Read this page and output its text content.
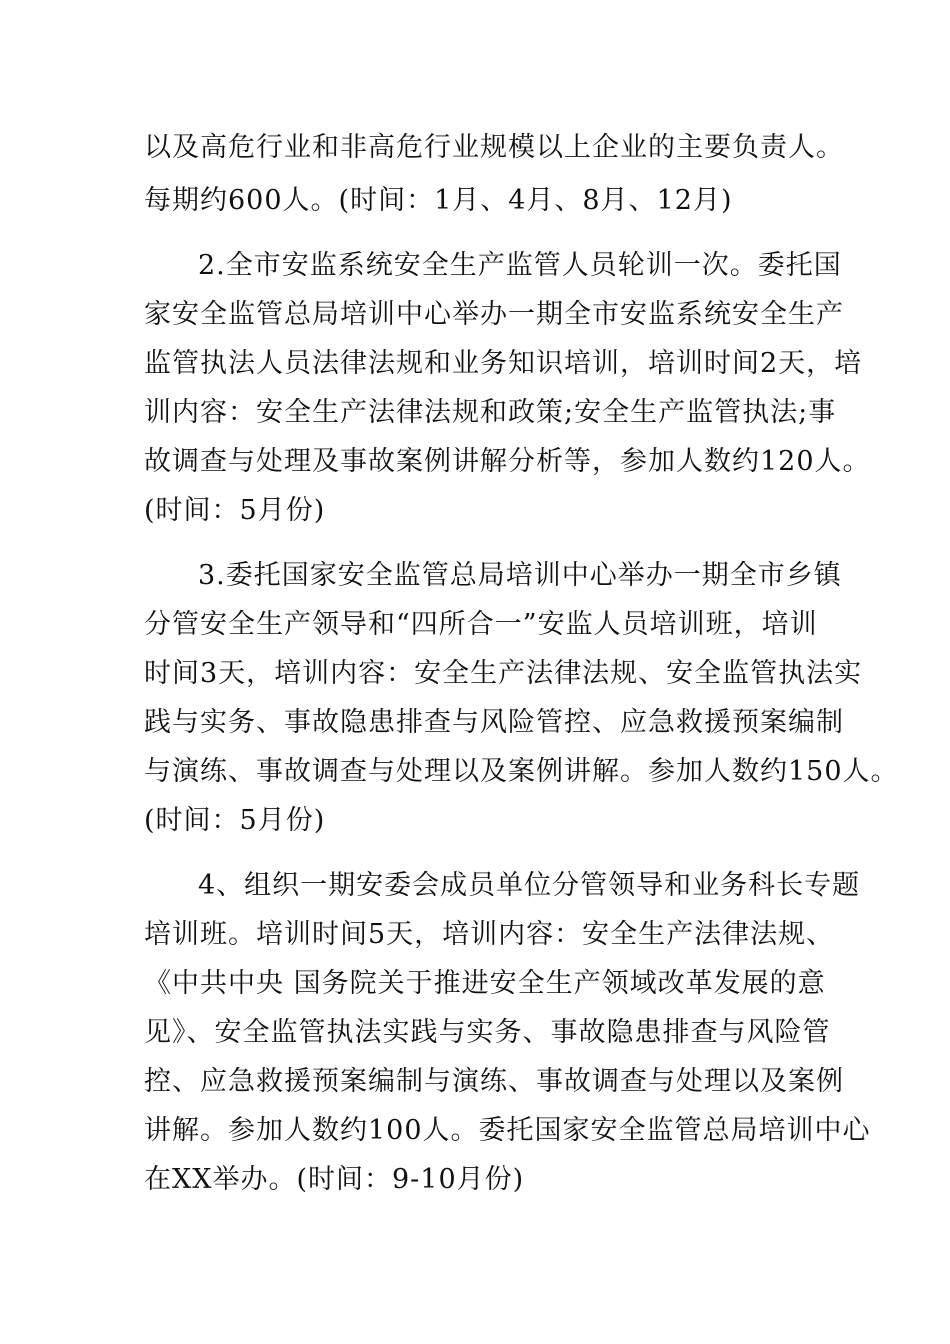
以及高危行业和非高危行业规模以上企业的主要负责人。
每期约600人。(时间：1月、4月、8月、12月)
2.全市安监系统安全生产监管人员轮训一次。委托国
家安全监管总局培训中心举办一期全市安监系统安全生产
监管执法人员法律法规和业务知识培训，培训时间2天，培
训内容：安全生产法律法规和政策;安全生产监管执法;事
故调查与处理及事故案例讲解分析等，参加人数约120人。
(时间：5月份)
3.委托国家安全监管总局培训中心举办一期全市乡镇
分管安全生产领导和“四所合一”安监人员培训班，培训
时间3天，培训内容：安全生产法律法规、安全监管执法实
践与实务、事故隐患排查与风险管控、应急救援预案编制
与演练、事故调查与处理以及案例讲解。参加人数约150人。
(时间：5月份)
4、组织一期安委会成员单位分管领导和业务科长专题
培训班。培训时间5天，培训内容：安全生产法律法规、
《中共中央 国务院关于推进安全生产领域改革发展的意
见》、安全监管执法实践与实务、事故隐患排查与风险管
控、应急救援预案编制与演练、事故调查与处理以及案例
讲解。参加人数约100人。委托国家安全监管总局培训中心
在XX举办。(时间：9-10月份)
